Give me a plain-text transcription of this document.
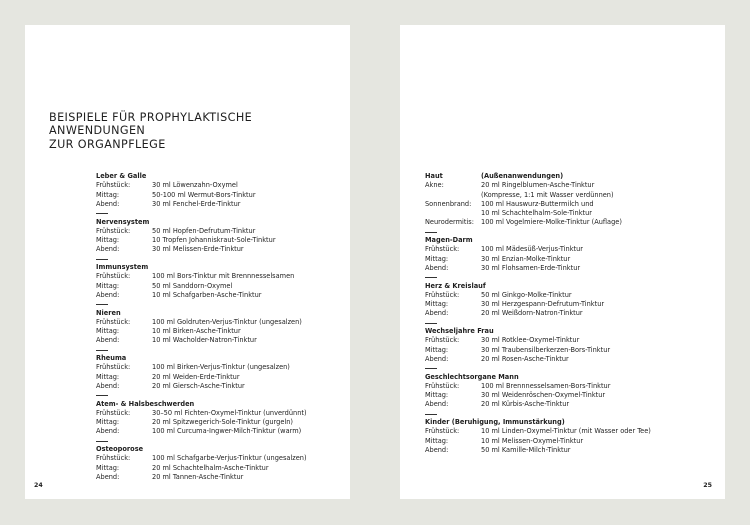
BEISPIELE FÜR PROPHYLAKTISCHE
ANWENDUNGEN
ZUR ORGANPFLEGE
Leber & Galle
Frühstück:	30 ml Löwenzahn-Oxymel
Mittag:	50-100 ml Wermut-Bors-Tinktur
Abend:	30 ml Fenchel-Erde-Tinktur
Nervensystem
Frühstück:	50 ml Hopfen-Defrutum-Tinktur
Mittag:	10 Tropfen Johanniskraut-Sole-Tinktur
Abend:	30 ml Melissen-Erde-Tinktur
Immunsystem
Frühstück:	100 ml Bors-Tinktur mit Brennnesselsamen
Mittag:	50 ml Sanddorn-Oxymel
Abend:	10 ml Schafgarben-Asche-Tinktur
Nieren
Frühstück:	100 ml Goldruten-Verjus-Tinktur (ungesalzen)
Mittag:	10 ml Birken-Asche-Tinktur
Abend:	10 ml Wacholder-Natron-Tinktur
Rheuma
Frühstück:	100 ml Birken-Verjus-Tinktur (ungesalzen)
Mittag:	20 ml Weiden-Erde-Tinktur
Abend:	20 ml Giersch-Asche-Tinktur
Atem- & Halsbeschwerden
Frühstück:	30–50 ml Fichten-Oxymel-Tinktur (unverdünnt)
Mittag:	20 ml Spitzwegerich-Sole-Tinktur (gurgeln)
Abend:	100 ml Curcuma-Ingwer-Milch-Tinktur (warm)
Osteoporose
Frühstück:	100 ml Schafgarbe-Verjus-Tinktur (ungesalzen)
Mittag:	20 ml Schachtelhalm-Asche-Tinktur
Abend:	20 ml Tannen-Asche-Tinktur
24
Haut	(Außenanwendungen)
Akne:	20 ml Ringelblumen-Asche-Tinktur
(Kompresse, 1:1 mit Wasser verdünnen)
Sonnenbrand:	100 ml Hauswurz-Buttermilch und
10 ml Schachtelhalm-Sole-Tinktur
Neurodermitis:	100 ml Vogelmiere-Molke-Tinktur (Auflage)
Magen-Darm
Frühstück:	100 ml Mädesüß-Verjus-Tinktur
Mittag:	30 ml Enzian-Molke-Tinktur
Abend:	30 ml Flohsamen-Erde-Tinktur
Herz & Kreislauf
Frühstück:	50 ml Ginkgo-Molke-Tinktur
Mittag:	30 ml Herzgespann-Defrutum-Tinktur
Abend:	20 ml Weißdorn-Natron-Tinktur
Wechseljahre Frau
Frühstück:	30 ml Rotklee-Oxymel-Tinktur
Mittag:	30 ml Traubensilberkerzen-Bors-Tinktur
Abend:	20 ml Rosen-Asche-Tinktur
Geschlechtsorgane Mann
Frühstück:	100 ml Brennnesselsamen-Bors-Tinktur
Mittag:	30 ml Weidenröschen-Oxymel-Tinktur
Abend:	20 ml Kürbis-Asche-Tinktur
Kinder (Beruhigung, Immunstärkung)
Frühstück:	10 ml Linden-Oxymel-Tinktur (mit Wasser oder Tee)
Mittag:	10 ml Melissen-Oxymel-Tinktur
Abend:	50 ml Kamille-Milch-Tinktur
25
